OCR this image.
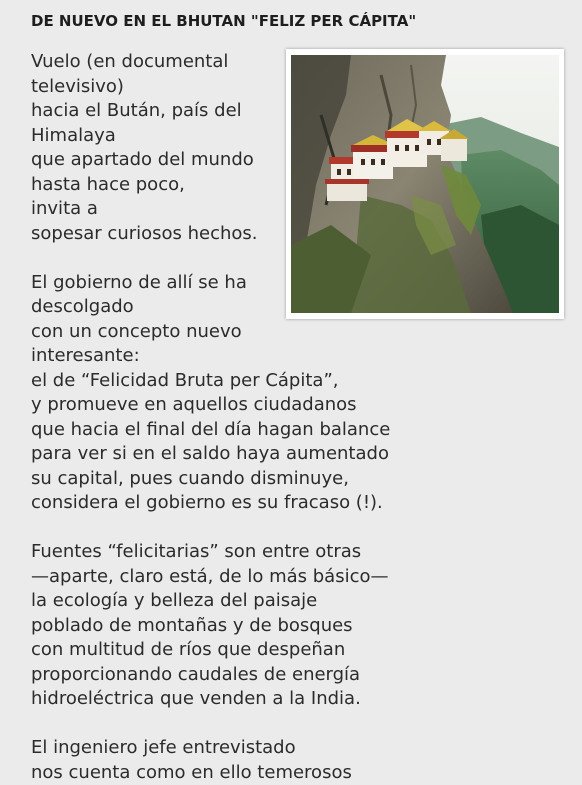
DE NUEVO EN EL BHUTAN "FELIZ PER CÁPITA"
Vuelo (en documental
televisivo)
hacia el Bután, país del
Himalaya
que apartado del mundo
hasta hace poco,
invita a
sopesar curiosos hechos.
El gobierno de allí se ha
descolgado
con un concepto nuevo
interesante:
el de “Felicidad Bruta per Cápita”,
y promueve en aquellos ciudadanos
que hacia el final del día hagan balance
para ver si en el saldo haya aumentado
su capital, pues cuando disminuye,
considera el gobierno es su fracaso (!).
Fuentes “felicitarias” son entre otras
—aparte, claro está, de lo más básico—
la ecología y belleza del paisaje
poblado de montañas y de bosques
con multitud de ríos que despeñan
proporcionando caudales de energía
hidroeléctrica que venden a la India.
El ingeniero jefe entrevistado
nos cuenta como en ello temerosos
